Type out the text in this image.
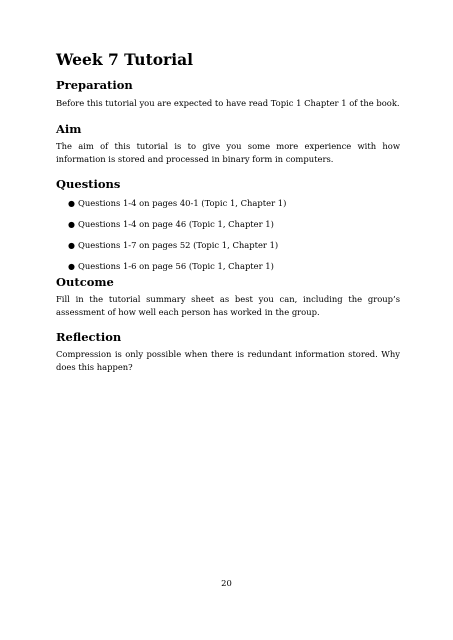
Week 7 Tutorial
Preparation

Before this tutorial you are expected to have read Topic 1 Chapter 1 of the book.

Aim

The aim of this tutorial is to give you some more experience with how information is stored and processed in binary form in computers.

Questions
● Questions 1-4 on pages 40-1 (Topic 1, Chapter 1)
● Questions 1-4 on page 46 (Topic 1, Chapter 1)
● Questions 1-7 on pages 52 (Topic 1, Chapter 1)
● Questions 1-6 on page 56 (Topic 1, Chapter 1)
Outcome

Fill in the tutorial summary sheet as best you can, including the group’s assessment of how well each person has worked in the group.

Reflection

Compression is only possible when there is redundant information stored. Why does this happen?

20
